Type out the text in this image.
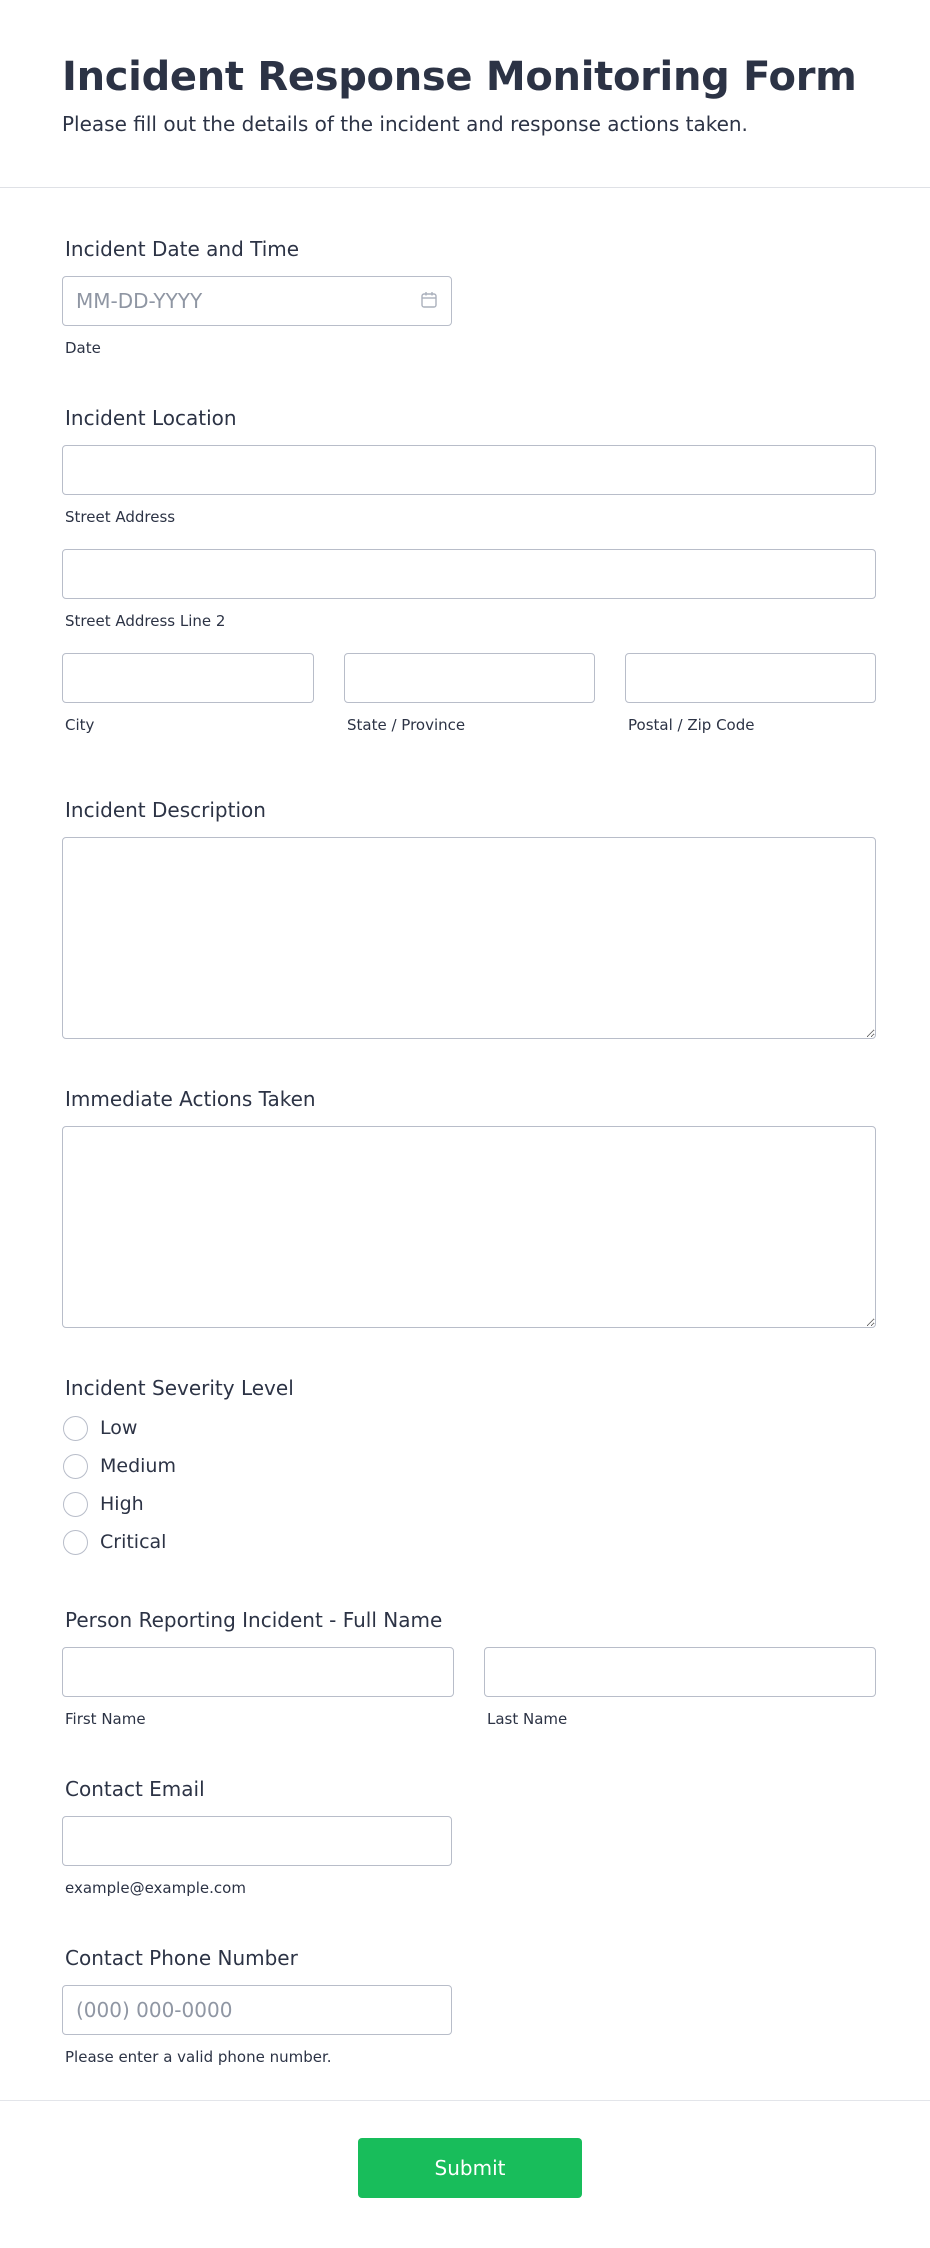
Incident Response Monitoring Form
Please fill out the details of the incident and response actions taken.
Incident Date and Time
MM-DD-YYYY
Date
Incident Location
Street Address
Street Address Line 2
City	State / Province	Postal / Zip Code
Incident Description
Immediate Actions Taken
Incident Severity Level
Low
Medium
High
Critical
Person Reporting Incident - Full Name
First Name	Last Name
Contact Email
example@example.com
Contact Phone Number
(000) 000-0000
Please enter a valid phone number.
Submit
